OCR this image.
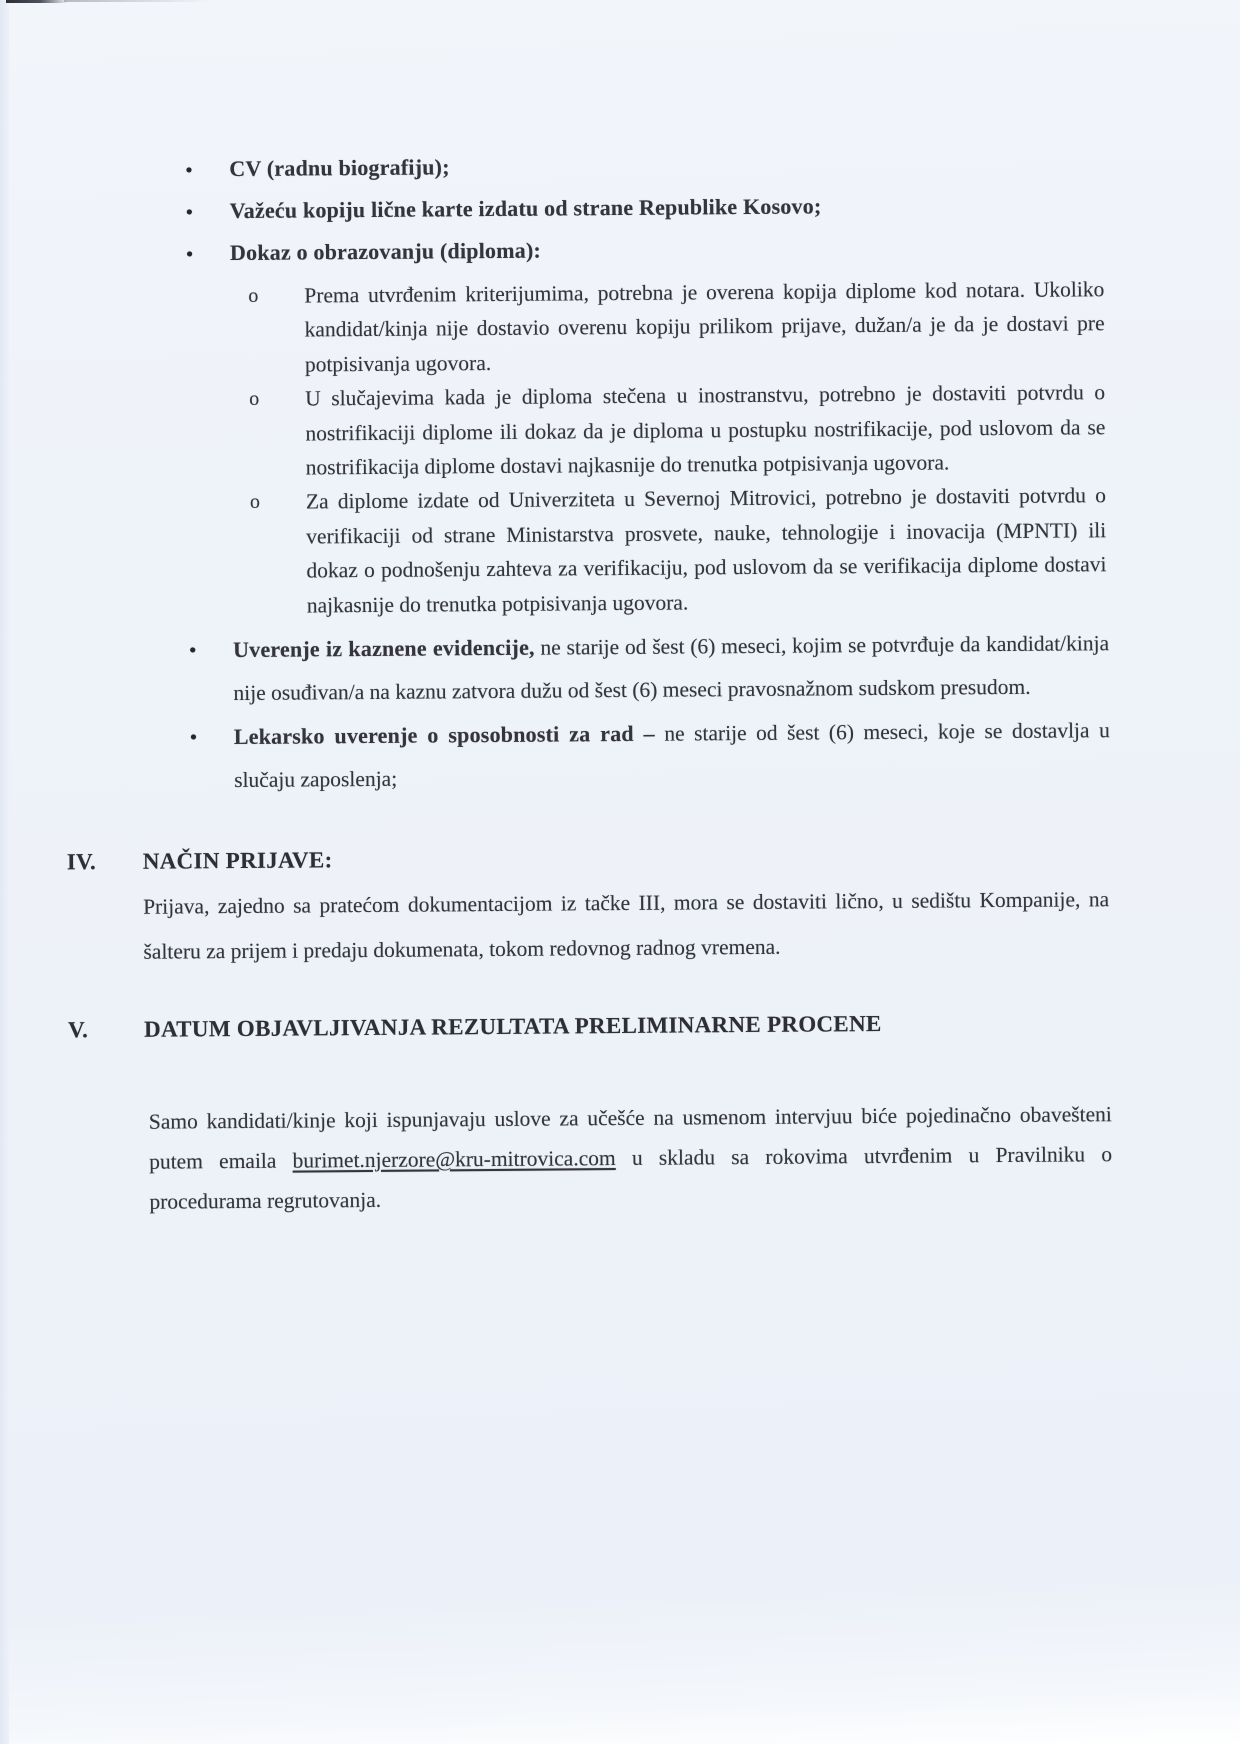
●	CV (radnu biografiju);
●	Važeću kopiju lične karte izdatu od strane Republike Kosovo;
●	Dokaz o obrazovanju (diploma):
o	Prema utvrđenim kriterijumima, potrebna je overena kopija diplome kod notara. Ukoliko kandidat/kinja nije dostavio overenu kopiju prilikom prijave, dužan/a je da je dostavi pre potpisivanja ugovora.
o	U slučajevima kada je diploma stečena u inostranstvu, potrebno je dostaviti potvrdu o nostrifikaciji diplome ili dokaz da je diploma u postupku nostrifikacije, pod uslovom da se nostrifikacija diplome dostavi najkasnije do trenutka potpisivanja ugovora.
o	Za diplome izdate od Univerziteta u Severnoj Mitrovici, potrebno je dostaviti potvrdu o verifikaciji od strane Ministarstva prosvete, nauke, tehnologije i inovacija (MPNTI) ili dokaz o podnošenju zahteva za verifikaciju, pod uslovom da se verifikacija diplome dostavi najkasnije do trenutka potpisivanja ugovora.
●	Uverenje iz kaznene evidencije, ne starije od šest (6) meseci, kojim se potvrđuje da kandidat/kinja nije osuđivan/a na kaznu zatvora dužu od šest (6) meseci pravosnažnom sudskom presudom.
●	Lekarsko uverenje o sposobnosti za rad – ne starije od šest (6) meseci, koje se dostavlja u slučaju zaposlenja;
IV.	NAČIN PRIJAVE:

Prijava, zajedno sa pratećom dokumentacijom iz tačke III, mora se dostaviti lično, u sedištu Kompanije, na šalteru za prijem i predaju dokumenata, tokom redovnog radnog vremena.

V.	DATUM OBJAVLJIVANJA REZULTATA PRELIMINARNE PROCENE

Samo kandidati/kinje koji ispunjavaju uslove za učešće na usmenom intervjuu biće pojedinačno obavešteni putem emaila burimet.njerzore@kru-mitrovica.com u skladu sa rokovima utvrđenim u Pravilniku o procedurama regrutovanja.
